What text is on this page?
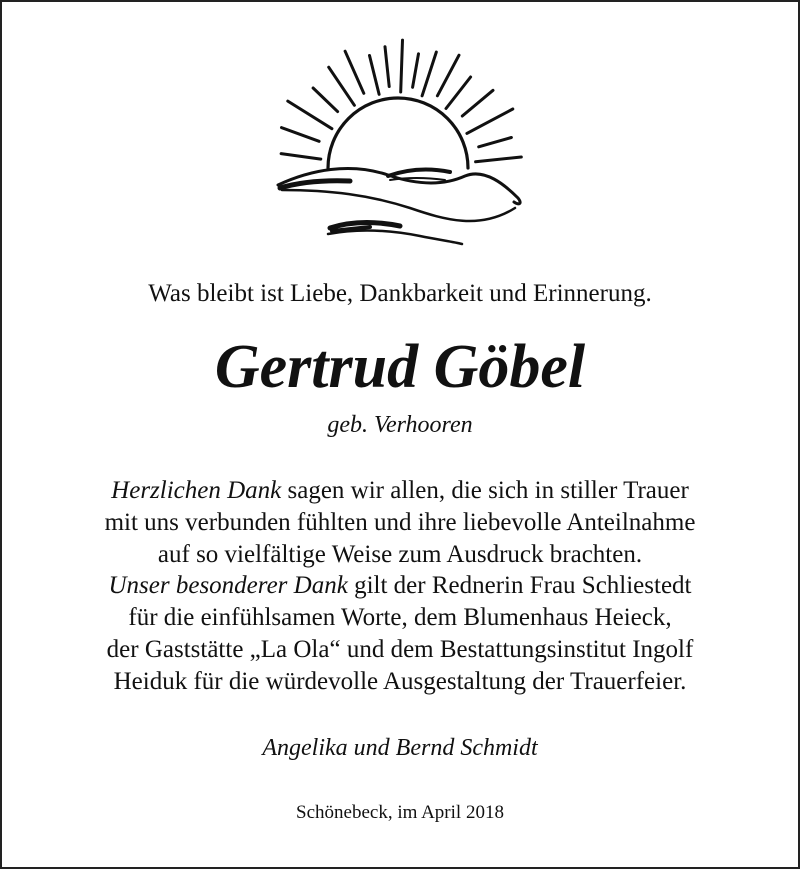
Was bleibt ist Liebe, Dankbarkeit und Erinnerung.
Gertrud Göbel
geb. Verhooren
Herzlichen Dank sagen wir allen, die sich in stiller Trauer
mit uns verbunden fühlten und ihre liebevolle Anteilnahme
auf so vielfältige Weise zum Ausdruck brachten.
Unser besonderer Dank gilt der Rednerin Frau Schliestedt
für die einfühlsamen Worte, dem Blumenhaus Heieck,
der Gaststätte „La Ola“ und dem Bestattungsinstitut Ingolf
Heiduk für die würdevolle Ausgestaltung der Trauerfeier.
Angelika und Bernd Schmidt
Schönebeck, im April 2018
